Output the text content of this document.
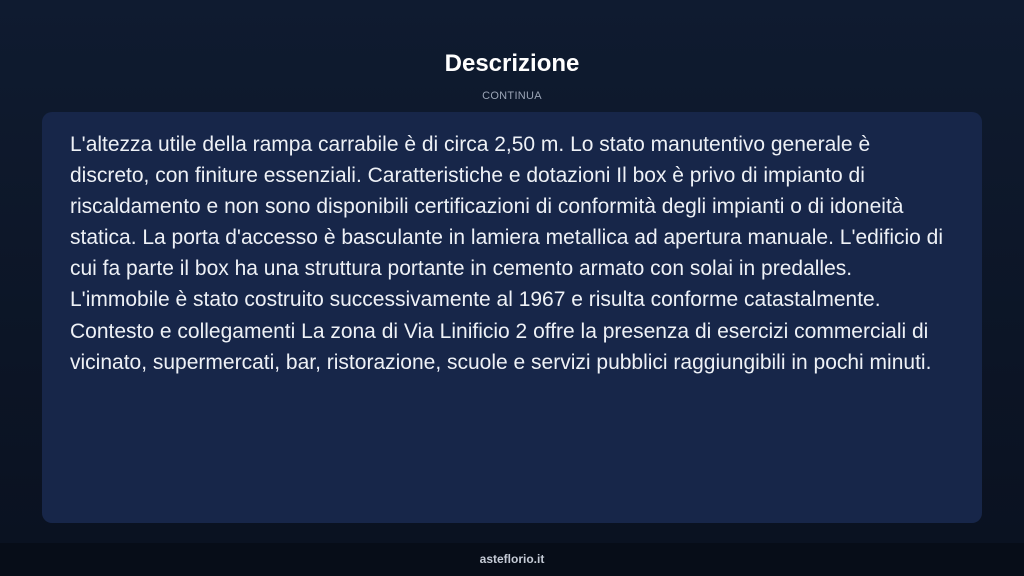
Descrizione
CONTINUA

L'altezza utile della rampa carrabile è di circa 2,50 m. Lo stato manutentivo generale è discreto, con finiture essenziali. Caratteristiche e dotazioni Il box è privo di impianto di riscaldamento e non sono disponibili certificazioni di conformità degli impianti o di idoneità statica. La porta d'accesso è basculante in lamiera metallica ad apertura manuale. L'edificio di cui fa parte il box ha una struttura portante in cemento armato con solai in predalles. L'immobile è stato costruito successivamente al 1967 e risulta conforme catastalmente. Contesto e collegamenti La zona di Via Linificio 2 offre la presenza di esercizi commerciali di vicinato, supermercati, bar, ristorazione, scuole e servizi pubblici raggiungibili in pochi minuti.

asteflorio.it
